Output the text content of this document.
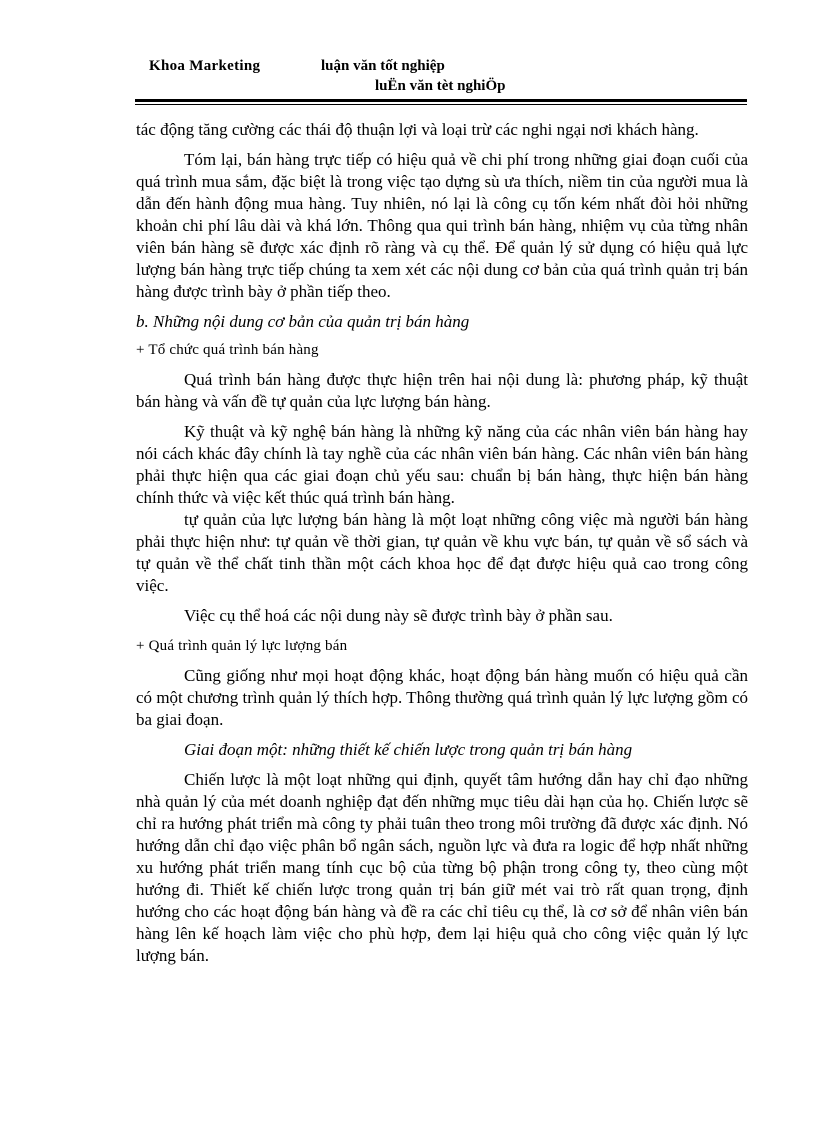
Khoa Marketing	luận văn tốt nghiệp
luËn văn tèt nghiÖp

tác động tăng cường các thái độ thuận lợi và loại trừ các nghi ngại nơi khách hàng.

Tóm lại, bán hàng trực tiếp có hiệu quả về chi phí trong những giai đoạn cuối của quá trình mua sắm, đặc biệt là trong việc tạo dựng sù ưa thích, niềm tin của người mua là dẫn đến hành động mua hàng. Tuy nhiên, nó lại là công cụ tốn kém nhất đòi hỏi những khoản chi phí lâu dài và khá lớn. Thông qua qui trình bán hàng, nhiệm vụ của từng nhân viên bán hàng sẽ được xác định rõ ràng và cụ thể. Để quản lý sử dụng có hiệu quả lực lượng bán hàng trực tiếp chúng ta xem xét các nội dung cơ bản của quá trình quản trị bán hàng được trình bày ở phần tiếp theo.

b. Những nội dung cơ bản của quản trị bán hàng

+ Tổ chức quá trình bán hàng

Quá trình bán hàng được thực hiện trên hai nội dung là: phương pháp, kỹ thuật bán hàng và vấn đề tự quản của lực lượng bán hàng.

Kỹ thuật và kỹ nghệ bán hàng là những kỹ năng của các nhân viên bán hàng hay nói cách khác đây chính là tay nghề của các nhân viên bán hàng. Các nhân viên bán hàng phải thực hiện qua các giai đoạn chủ yếu sau: chuẩn bị bán hàng, thực hiện bán hàng chính thức và việc kết thúc quá trình bán hàng.

tự quản của lực lượng bán hàng là một loạt những công việc mà người bán hàng phải thực hiện như: tự quản về thời gian, tự quản về khu vực bán, tự quản về sổ sách và tự quản về thể chất tinh thần một cách khoa học để đạt được hiệu quả cao trong công việc.

Việc cụ thể hoá các nội dung này sẽ được trình bày ở phần sau.

+ Quá trình quản lý lực lượng bán

Cũng giống như mọi hoạt động khác, hoạt động bán hàng muốn có hiệu quả cần có một chương trình quản lý thích hợp. Thông thường quá trình quản lý lực lượng gồm có ba giai đoạn.

Giai đoạn một: những thiết kế chiến lược trong quản trị bán hàng

Chiến lược là một loạt những qui định, quyết tâm hướng dẫn hay chỉ đạo những nhà quản lý của mét doanh nghiệp đạt đến những mục tiêu dài hạn của họ. Chiến lược sẽ chỉ ra hướng phát triển mà công ty phải tuân theo trong môi trường đã được xác định. Nó hướng dẫn chỉ đạo việc phân bổ ngân sách, nguồn lực và đưa ra logic để hợp nhất những xu hướng phát triển mang tính cục bộ của từng bộ phận trong công ty, theo cùng một hướng đi. Thiết kế chiến lược trong quản trị bán giữ mét vai trò rất quan trọng, định hướng cho các hoạt động bán hàng và đề ra các chỉ tiêu cụ thể, là cơ sở để nhân viên bán hàng lên kế hoạch làm việc cho phù hợp, đem lại hiệu quả cho công việc quản lý lực lượng bán.
